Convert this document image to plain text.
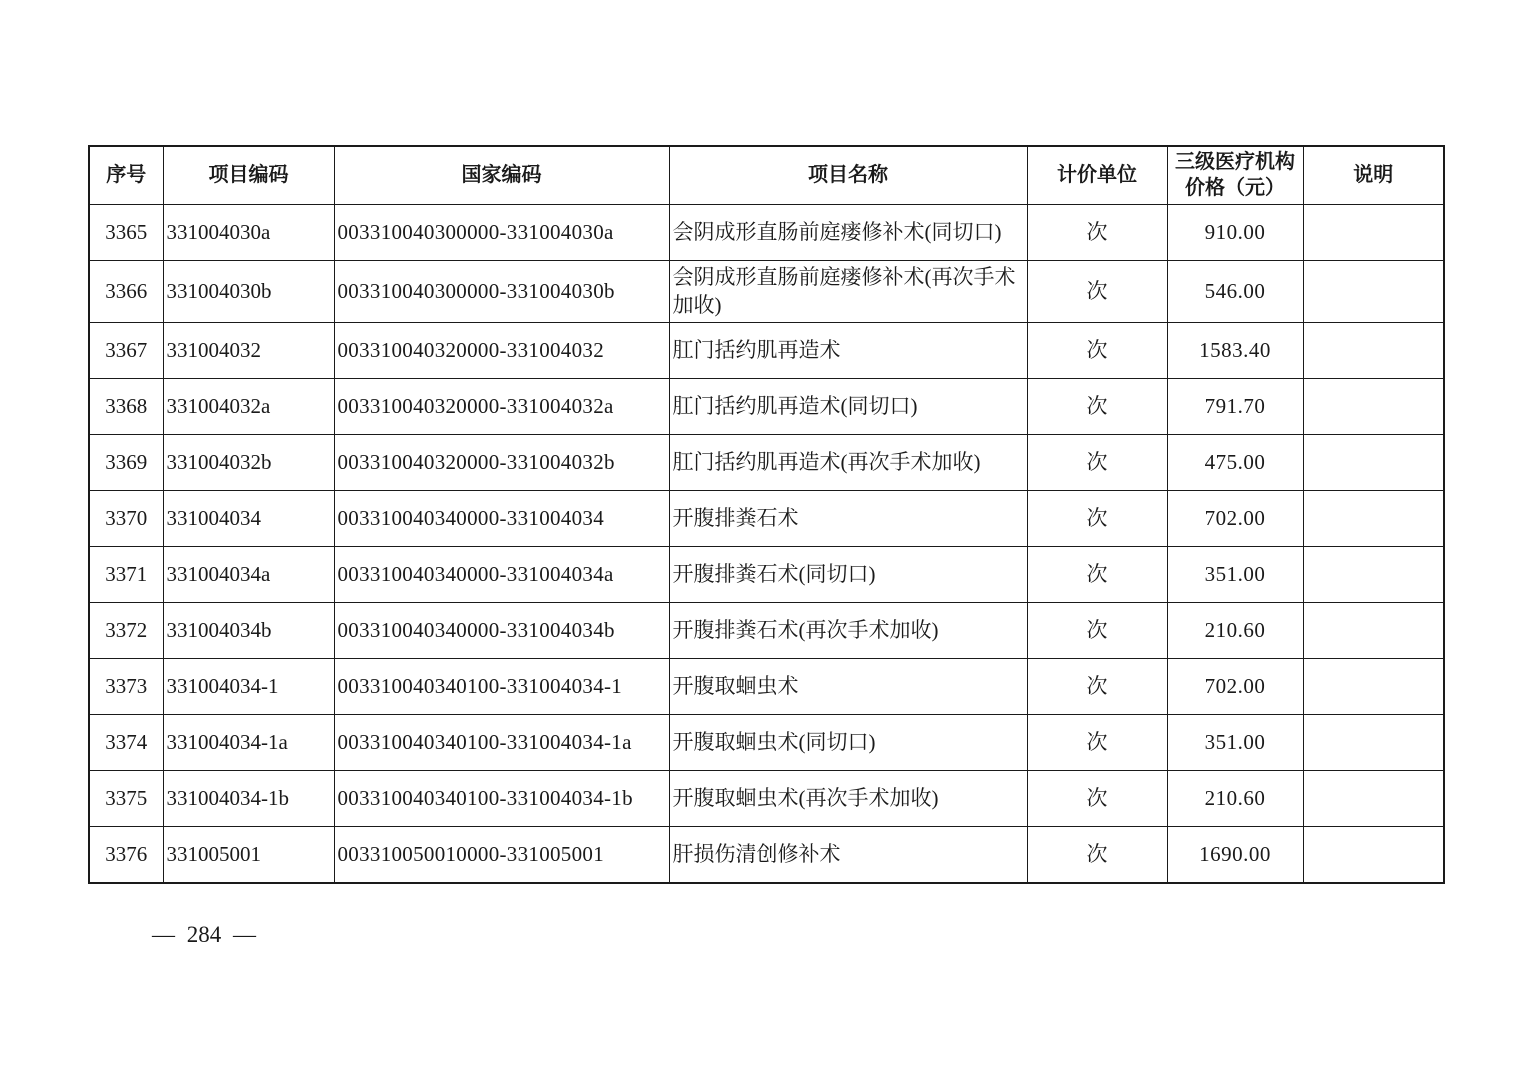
序号	项目编码	国家编码	项目名称	计价单位	三级医疗机构价格（元）	说明
3365	331004030a	003310040300000-331004030a	会阴成形直肠前庭瘘修补术(同切口)	次	910.00	
3366	331004030b	003310040300000-331004030b	会阴成形直肠前庭瘘修补术(再次手术加收)	次	546.00	
3367	331004032	003310040320000-331004032	肛门括约肌再造术	次	1583.40	
3368	331004032a	003310040320000-331004032a	肛门括约肌再造术(同切口)	次	791.70	
3369	331004032b	003310040320000-331004032b	肛门括约肌再造术(再次手术加收)	次	475.00	
3370	331004034	003310040340000-331004034	开腹排粪石术	次	702.00	
3371	331004034a	003310040340000-331004034a	开腹排粪石术(同切口)	次	351.00	
3372	331004034b	003310040340000-331004034b	开腹排粪石术(再次手术加收)	次	210.60	
3373	331004034-1	003310040340100-331004034-1	开腹取蛔虫术	次	702.00	
3374	331004034-1a	003310040340100-331004034-1a	开腹取蛔虫术(同切口)	次	351.00	
3375	331004034-1b	003310040340100-331004034-1b	开腹取蛔虫术(再次手术加收)	次	210.60	
3376	331005001	003310050010000-331005001	肝损伤清创修补术	次	1690.00	
— 284 —
